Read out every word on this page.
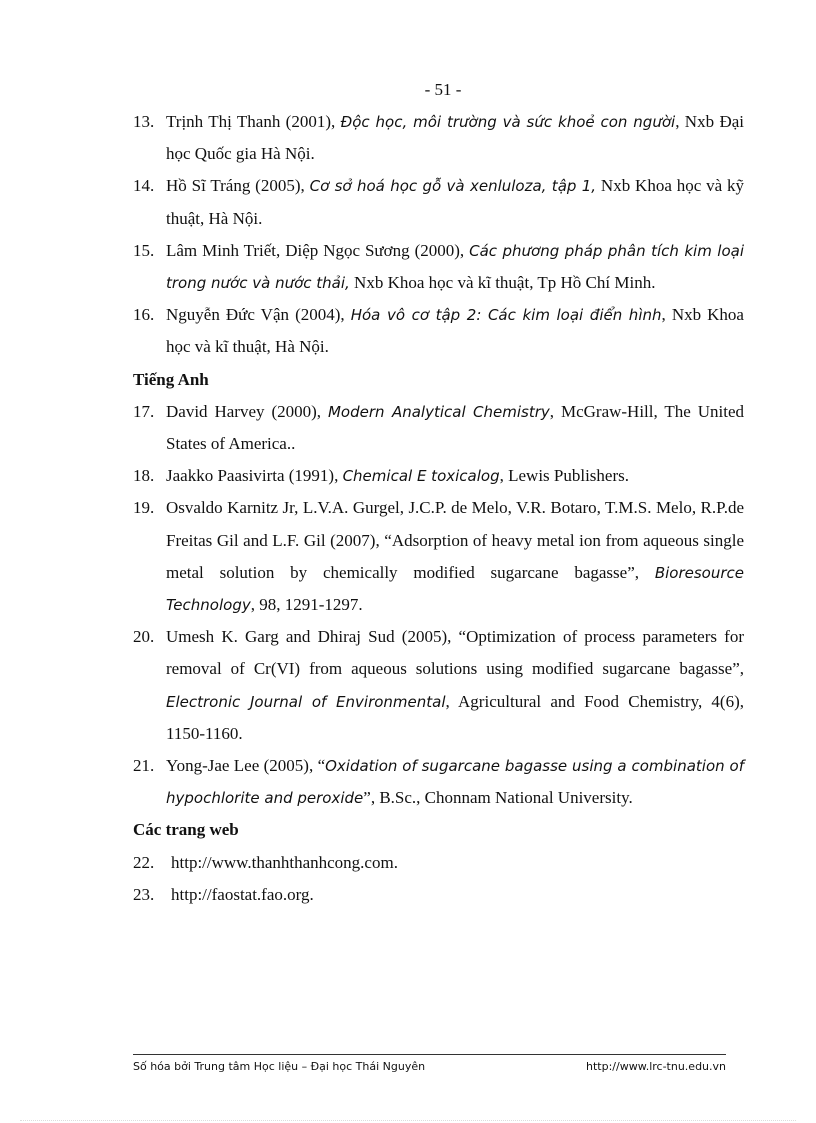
- 51 -
13. Trịnh Thị Thanh (2001), Độc học, môi trường và sức khoẻ con người, Nxb Đại học Quốc gia Hà Nội.
14. Hồ Sĩ Tráng (2005), Cơ sở hoá học gỗ và xenluloza, tập 1, Nxb Khoa học và kỹ thuật, Hà Nội.
15. Lâm Minh Triết, Diệp Ngọc Sương (2000), Các phương pháp phân tích kim loại trong nước và nước thải, Nxb Khoa học và kĩ thuật, Tp Hồ Chí Minh.
16. Nguyễn Đức Vận (2004), Hóa vô cơ tập 2: Các kim loại điển hình, Nxb Khoa học và kĩ thuật, Hà Nội.
Tiếng Anh
17. David Harvey (2000), Modern Analytical Chemistry, McGraw-Hill, The United States of America..
18. Jaakko Paasivirta (1991), Chemical E toxicalog, Lewis Publishers.
19. Osvaldo Karnitz Jr, L.V.A. Gurgel, J.C.P. de Melo, V.R. Botaro, T.M.S. Melo, R.P.de Freitas Gil and L.F. Gil (2007), “Adsorption of heavy metal ion from aqueous single metal solution by chemically modified sugarcane bagasse”, Bioresource Technology, 98, 1291-1297.
20. Umesh K. Garg and Dhiraj Sud (2005), “Optimization of process parameters for removal of Cr(VI) from aqueous solutions using modified sugarcane bagasse”, Electronic Journal of Environmental, Agricultural and Food Chemistry, 4(6), 1150-1160.
21. Yong-Jae Lee (2005), “Oxidation of sugarcane bagasse using a combination of hypochlorite and peroxide”, B.Sc., Chonnam National University.
Các trang web
22. http://www.thanhthanhcong.com.
23. http://faostat.fao.org.
Số hóa bởi Trung tâm Học liệu – Đại học Thái Nguyên	http://www.lrc-tnu.edu.vn
